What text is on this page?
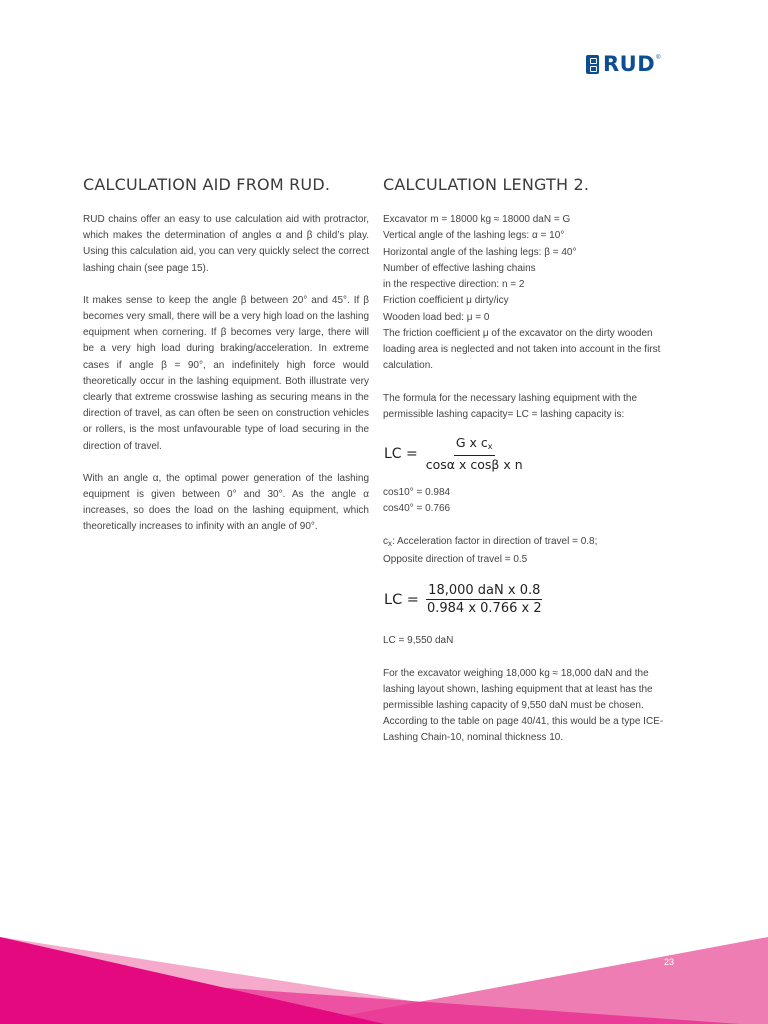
RUD ®
CALCULATION AID FROM RUD.

RUD chains offer an easy to use calculation aid with protractor, which makes the determination of angles α and β child’s play. Using this calculation aid, you can very quickly select the correct lashing chain (see page 15).

It makes sense to keep the angle β between 20° and 45°. If β becomes very small, there will be a very high load on the lashing equipment when cornering. If β becomes very large, there will be a very high load during braking/acceleration. In extreme cases if angle β = 90°, an indefinitely high force would theoretically occur in the lashing equipment. Both illustrate very clearly that extreme crosswise lashing as securing means in the direction of travel, as can often be seen on construction vehicles or rollers, is the most unfavourable type of load securing in the direction of travel.

With an angle α, the optimal power generation of the lashing equipment is given between 0° and 30°. As the angle α increases, so does the load on the lashing equipment, which theoretically increases to infinity with an angle of 90°.

CALCULATION LENGTH 2.
Excavator m = 18000 kg ≈ 18000 daN = G
Vertical angle of the lashing legs: α = 10°
Horizontal angle of the lashing legs: β = 40°
Number of effective lashing chains
in the respective direction: n = 2
Friction coefficient μ dirty/icy
Wooden load bed: μ = 0

The friction coefficient μ of the excavator on the dirty wooden loading area is neglected and not taken into account in the first calculation.

The formula for the necessary lashing equipment with the permissible lashing capacity= LC = lashing capacity is:

LC = $\frac{G x c_x}{\text{cosα x cosβ x n}}$
cos10° = 0.984
cos40° = 0.766
$c_x$: Acceleration factor in direction of travel = 0.8;
Opposite direction of travel = 0.5
LC = $\frac{\text{18,000 daN x 0.8}}{0.984 x 0.766 x 2}$
LC = 9,550 daN

For the excavator weighing 18,000 kg ≈ 18,000 daN and the lashing layout shown, lashing equipment that at least has the permissible lashing capacity of 9,550 daN must be chosen. According to the table on page 40/41, this would be a type ICE-Lashing Chain-10, nominal thickness 10.

23
